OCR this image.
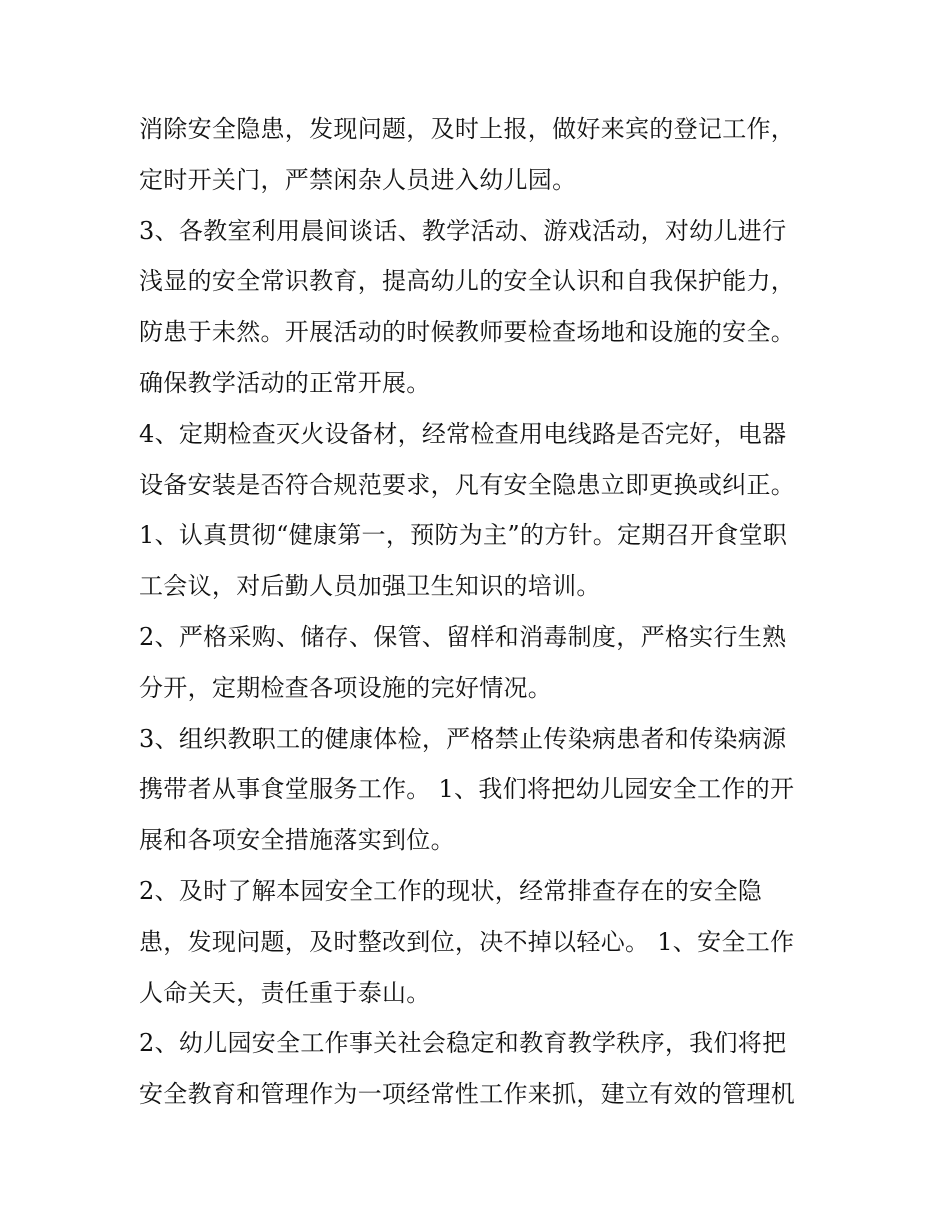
消除安全隐患，发现问题，及时上报，做好来宾的登记工作，
定时开关门，严禁闲杂人员进入幼儿园。
3、各教室利用晨间谈话、教学活动、游戏活动，对幼儿进行
浅显的安全常识教育，提高幼儿的安全认识和自我保护能力，
防患于未然。开展活动的时候教师要检查场地和设施的安全。
确保教学活动的正常开展。
4、定期检查灭火设备材，经常检查用电线路是否完好，电器
设备安装是否符合规范要求，凡有安全隐患立即更换或纠正。
1、认真贯彻“健康第一，预防为主”的方针。定期召开食堂职
工会议，对后勤人员加强卫生知识的培训。
2、严格采购、储存、保管、留样和消毒制度，严格实行生熟
分开，定期检查各项设施的完好情况。
3、组织教职工的健康体检，严格禁止传染病患者和传染病源
携带者从事食堂服务工作。 1、我们将把幼儿园安全工作的开
展和各项安全措施落实到位。
2、及时了解本园安全工作的现状，经常排查存在的安全隐
患，发现问题，及时整改到位，决不掉以轻心。 1、安全工作
人命关天，责任重于泰山。
2、幼儿园安全工作事关社会稳定和教育教学秩序，我们将把
安全教育和管理作为一项经常性工作来抓，建立有效的管理机
